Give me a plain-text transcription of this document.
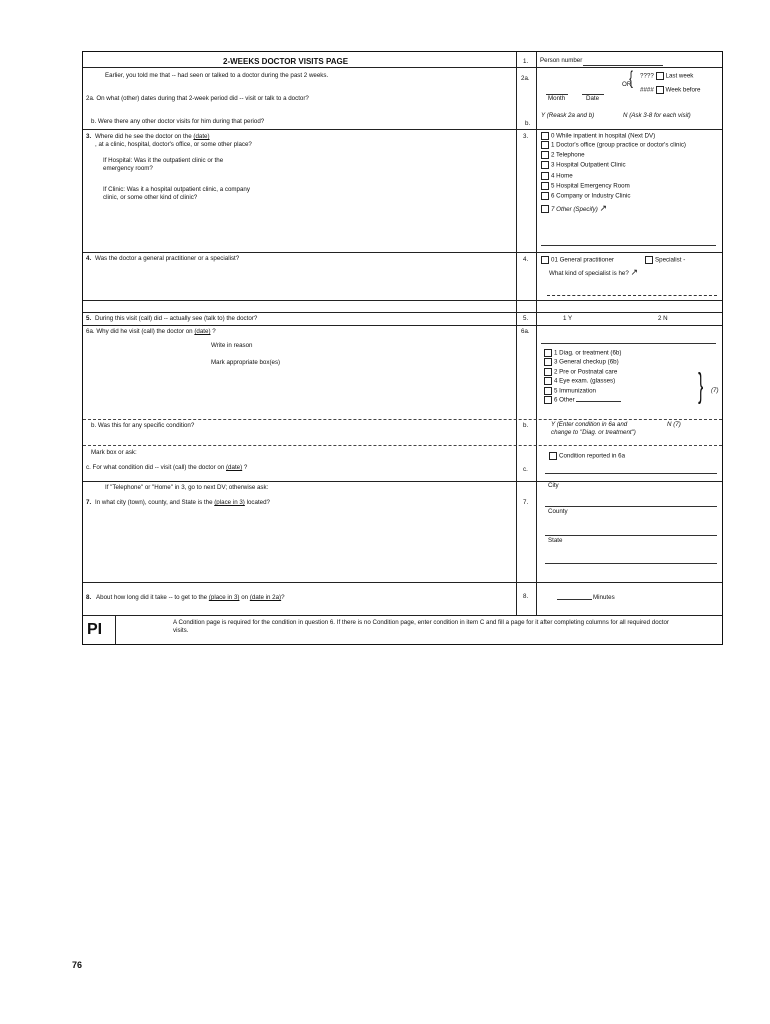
2-WEEKS DOCTOR VISITS PAGE	1. Person number
Earlier, you told me that -- had seen or talked to a doctor during the past 2 weeks.
2a. On what (other) dates during that 2-week period did -- visit or talk to a doctor?
2a.
Month	Date
OR
{ ???? Last week
#### Week before
b. Were there any other doctor visits for him during that period?	b.
Y (Reask 2a and b)	N (Ask 3-8 for each visit)
3. Where did he see the doctor on the (date)
, at a clinic, hospital, doctor's office, or some other place?
If Hospital: Was it the outpatient clinic or the emergency room?
If Clinic: Was it a hospital outpatient clinic, a company clinic, or some other kind of clinic?
3.	0 While inpatient in hospital (Next DV)
1 Doctor's office (group practice or doctor's clinic)
2 Telephone
3 Hospital Outpatient Clinic
4 Home
5 Hospital Emergency Room
6 Company or Industry Clinic
7 Other (Specify) ↗
4. Was the doctor a general practitioner or a specialist?	4.	01 General practitioner	Specialist -
What kind of specialist is he? ↗
5. During this visit (call) did -- actually see (talk to) the doctor?	5.	1 Y	2 N
6a. Why did he visit (call) the doctor on (date) ?
Write in reason
Mark appropriate box(es)
6a.
1 Diag. or treatment (6b)
3 General checkup (6b)
2 Pre or Postnatal care
4 Eye exam. (glasses)
5 Immunization
6 Other	} (7)
b. Was this for any specific condition?	b.	Y (Enter condition in 6a and change to "Diag. or treatment")
N (7)
Mark box or ask:
c. For what condition did -- visit (call) the doctor on (date) ?	c.
Condition reported in 6a
If "Telephone" or "Home" in 3, go to next DV; otherwise ask:
7. In what city (town), county, and State is the (place in 3) located?	7.
City
County
State
8. About how long did it take -- to get to the (place in 3) on (date in 2a)?	8.	Minutes
PI	A Condition page is required for the condition in question 6. If there is no Condition page, enter condition in item C and fill a page for it after completing columns for all required doctor visits.
76
